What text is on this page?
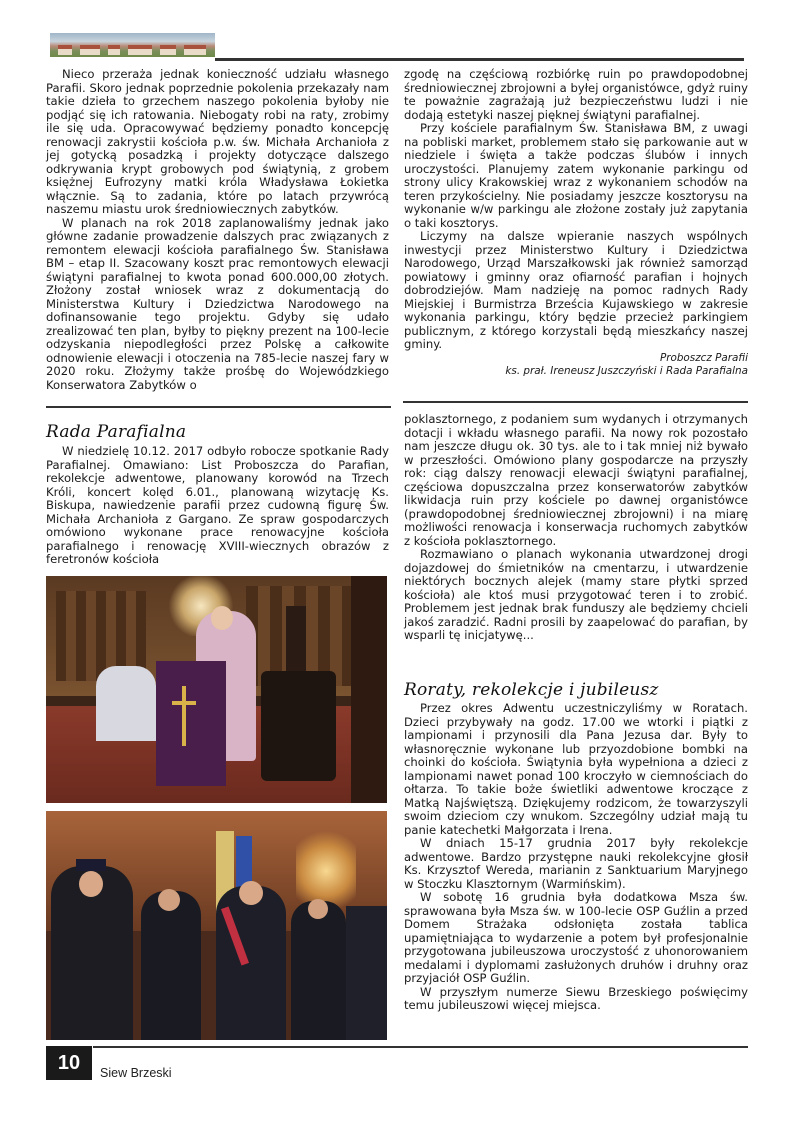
Nieco przeraża jednak konieczność udziału własnego Parafii. Skoro jednak poprzednie pokolenia przekazały nam takie dzieła to grzechem naszego pokolenia byłoby nie podjąć się ich ratowania. Niebogaty robi na raty, zrobimy ile się uda. Opracowywać będziemy ponadto koncepcję renowacji zakrystii kościoła p.w. św. Michała Archanioła z jej gotycką posadzką i projekty dotyczące dalszego odkrywania krypt grobowych pod świątynią, z grobem księżnej Eufrozyny matki króla Władysława Łokietka włącznie. Są to zadania, które po latach przywrócą naszemu miastu urok średniowiecznych zabytków.

W planach na rok 2018 zaplanowaliśmy jednak jako główne zadanie prowadzenie dalszych prac związanych z remontem elewacji kościoła parafialnego Św. Stanisława BM – etap II. Szacowany koszt prac remontowych elewacji świątyni parafialnej to kwota ponad 600.000,00 złotych. Złożony został wniosek wraz z dokumentacją do Ministerstwa Kultury i Dziedzictwa Narodowego na dofinansowanie tego projektu. Gdyby się udało zrealizować ten plan, byłby to piękny prezent na 100-lecie odzyskania niepodległości przez Polskę a całkowite odnowienie elewacji i otoczenia na 785-lecie naszej fary w 2020 roku. Złożymy także prośbę do Wojewódzkiego Konserwatora Zabytków o

zgodę na częściową rozbiórkę ruin po prawdopodobnej średniowiecznej zbrojowni a byłej organistówce, gdyż ruiny te poważnie zagrażają już bezpieczeństwu ludzi i nie dodają estetyki naszej pięknej świątyni parafialnej.

Przy kościele parafialnym Św. Stanisława BM, z uwagi na pobliski market, problemem stało się parkowanie aut w niedziele i święta a także podczas ślubów i innych uroczystości. Planujemy zatem wykonanie parkingu od strony ulicy Krakowskiej wraz z wykonaniem schodów na teren przykościelny. Nie posiadamy jeszcze kosztorysu na wykonanie w/w parkingu ale złożone zostały już zapytania o taki kosztorys.

Liczymy na dalsze wpieranie naszych wspólnych inwestycji przez Ministerstwo Kultury i Dziedzictwa Narodowego, Urząd Marszałkowski jak również samorząd powiatowy i gminny oraz ofiarność parafian i hojnych dobrodziejów. Mam nadzieję na pomoc radnych Rady Miejskiej i Burmistrza Brześcia Kujawskiego w zakresie wykonania parkingu, który będzie przecież parkingiem publicznym, z którego korzystali będą mieszkańcy naszej gminy.

Proboszcz Parafii
ks. prał. Ireneusz Juszczyński i Rada Parafialna
Rada Parafialna

W niedzielę 10.12. 2017 odbyło robocze spotkanie Rady Parafialnej. Omawiano: List Proboszcza do Parafian, rekolekcje adwentowe, planowany korowód na Trzech Króli, koncert kolęd 6.01., planowaną wizytację Ks. Biskupa, nawiedzenie parafii przez cudowną figurę Św. Michała Archanioła z Gargano. Ze spraw gospodarczych omówiono wykonane prace renowacyjne kościoła parafialnego i renowację XVIII-wiecznych obrazów z feretronów kościoła

poklasztornego, z podaniem sum wydanych i otrzymanych dotacji i wkładu własnego parafii. Na nowy rok pozostało nam jeszcze długu ok. 30 tys. ale to i tak mniej niż bywało w przeszłości. Omówiono plany gospodarcze na przyszły rok: ciąg dalszy renowacji elewacji świątyni parafialnej, częściowa dopuszczalna przez konserwatorów zabytków likwidacja ruin przy kościele po dawnej organistówce (prawdopodobnej średniowiecznej zbrojowni) i na miarę możliwości renowacja i konserwacja ruchomych zabytków z kościoła poklasztornego.

Rozmawiano o planach wykonania utwardzonej drogi dojazdowej do śmietników na cmentarzu, i utwardzenie niektórych bocznych alejek (mamy stare płytki sprzed kościoła) ale ktoś musi przygotować teren i to zrobić. Problemem jest jednak brak funduszy ale będziemy chcieli jakoś zaradzić. Radni prosili by zaapelować do parafian, by wsparli tę inicjatywę...

Roraty, rekolekcje i jubileusz

Przez okres Adwentu uczestniczyliśmy w Roratach. Dzieci przybywały na godz. 17.00 we wtorki i piątki z lampionami i przynosili dla Pana Jezusa dar. Były to własnoręcznie wykonane lub przyozdobione bombki na choinki do kościoła. Świątynia była wypełniona a dzieci z lampionami nawet ponad 100 kroczyło w ciemnościach do ołtarza. To takie boże świetliki adwentowe kroczące z Matką Najświętszą. Dziękujemy rodzicom, że towarzyszyli swoim dzieciom czy wnukom. Szczególny udział mają tu panie katechetki Małgorzata i Irena.

W dniach 15-17 grudnia 2017 były rekolekcje adwentowe. Bardzo przystępne nauki rekolekcyjne głosił Ks. Krzysztof Wereda, marianin z Sanktuarium Maryjnego w Stoczku Klasztornym (Warmińskim).

W sobotę 16 grudnia była dodatkowa Msza św. sprawowana była Msza św. w 100-lecie OSP Guźlin a przed Domem Strażaka odsłonięta została tablica upamiętniająca to wydarzenie a potem był profesjonalnie przygotowana jubileuszowa uroczystość z uhonorowaniem medalami i dyplomami zasłużonych druhów i druhny oraz przyjaciół OSP Guźlin.

W przyszłym numerze Siewu Brzeskiego poświęcimy temu jubileuszowi więcej miejsca.

10	Siew Brzeski
